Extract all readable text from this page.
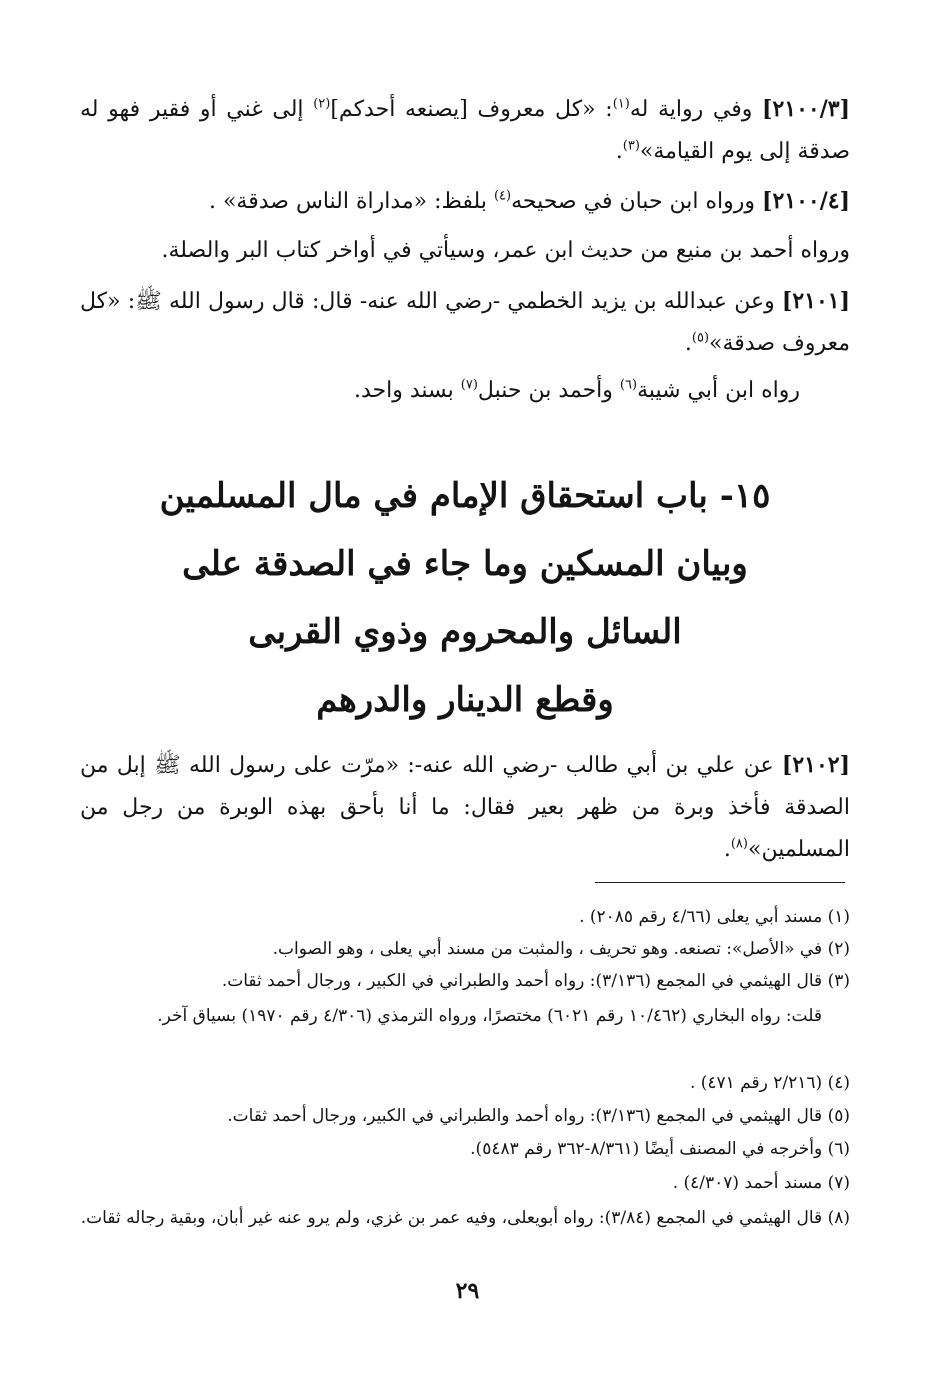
[٢١٠٠/٣] وفي رواية له$^{(١)}$: «كل معروف [يصنعه أحدكم]$^{(٢)}$ إلى غني أو فقير فهو له صدقة إلى يوم القيامة»$^{(٣)}$.
[٢١٠٠/٤] ورواه ابن حبان في صحيحه$^{(٤)}$ بلفظ: «مداراة الناس صدقة» .
ورواه أحمد بن منيع من حديث ابن عمر، وسيأتي في أواخر كتاب البر والصلة.
[٢١٠١] وعن عبدالله بن يزيد الخطمي -رضي الله عنه- قال: قال رسول الله ﷺ: «كل معروف صدقة»$^{(٥)}$.
رواه ابن أبي شيبة$^{(٦)}$ وأحمد بن حنبل$^{(٧)}$ بسند واحد.
١٥- باب استحقاق الإمام في مال المسلمين
وبيان المسكين وما جاء في الصدقة على
السائل والمحروم وذوي القربى
وقطع الدينار والدرهم
[٢١٠٢] عن علي بن أبي طالب -رضي الله عنه-: «مرّت على رسول الله ﷺ إبل من الصدقة فأخذ وبرة من ظهر بعير فقال: ما أنا بأحق بهذه الوبرة من رجل من المسلمين»$^{(٨)}$.
(١) مسند أبي يعلى (٤/٦٦ رقم ٢٠٨٥) .
(٢) في «الأصل»: تصنعه. وهو تحريف ، والمثبت من مسند أبي يعلى ، وهو الصواب.
(٣) قال الهيثمي في المجمع (٣/١٣٦): رواه أحمد والطبراني في الكبير ، ورجال أحمد ثقات.
قلت: رواه البخاري (١٠/٤٦٢ رقم ٦٠٢١) مختصرًا، ورواه الترمذي (٤/٣٠٦ رقم ١٩٧٠) بسياق آخر.
(٤) (٢/٢١٦ رقم ٤٧١) .
(٥) قال الهيثمي في المجمع (٣/١٣٦): رواه أحمد والطبراني في الكبير، ورجال أحمد ثقات.
(٦) وأخرجه في المصنف أيضًا (٨/٣٦١-٣٦٢ رقم ٥٤٨٣).
(٧) مسند أحمد (٤/٣٠٧) .
(٨) قال الهيثمي في المجمع (٣/٨٤): رواه أبويعلى، وفيه عمر بن غزي، ولم يرو عنه غير أبان، وبقية رجاله ثقات.
٢٩
